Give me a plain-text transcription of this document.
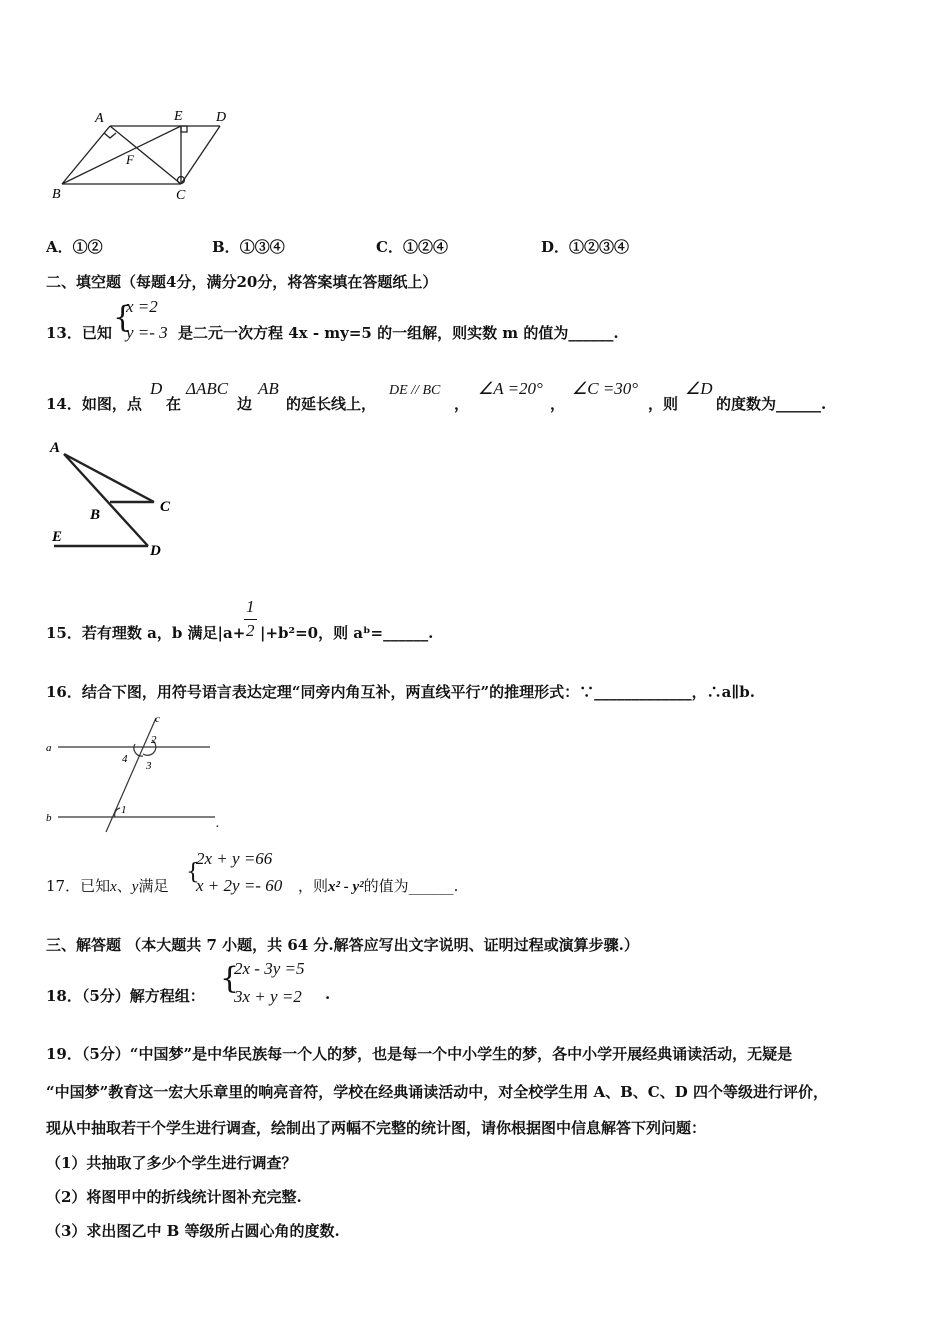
A	E D
B
F
C
A．①②	B．①③④	C．①②④	D．①②③④
二、填空题（每题4分，满分20分，将答案填在答题纸上）
13．已知 {
x =2
y =- 3 是二元一次方程 4x - my=5 的一组解，则实数 m 的值为______.
14．如图，点
D
在
ΔABC
边
AB
的延长线上，
DE // BC
，
∠A =20°
，
∠C =30°
，则
∠D
的度数为______.
A
C
B
E
D
15．若有理数 a，b 满足|a+
1
2 |+b²=0，则 aᵇ=______.
16．结合下图，用符号语言表达定理“同旁内角互补，两直线平行”的推理形式：∵_____________，∴a∥b.
a
b
c
2
4
3
1
.
17．已知x、y满足
{
2x + y =66
x + 2y =- 60 ，则x² - y²的值为______.
三、解答题 （本大题共 7 小题，共 64 分.解答应写出文字说明、证明过程或演算步骤.）
18．（5分）解方程组： {
2x - 3y =5
3x + y =2 .
19．（5分）“中国梦”是中华民族每一个人的梦，也是每一个中小学生的梦，各中小学开展经典诵读活动，无疑是
“中国梦”教育这一宏大乐章里的响亮音符，学校在经典诵读活动中，对全校学生用 A、B、C、D 四个等级进行评价，
现从中抽取若干个学生进行调查，绘制出了两幅不完整的统计图，请你根据图中信息解答下列问题：
（1）共抽取了多少个学生进行调查？
（2）将图甲中的折线统计图补充完整.
（3）求出图乙中 B 等级所占圆心角的度数.
